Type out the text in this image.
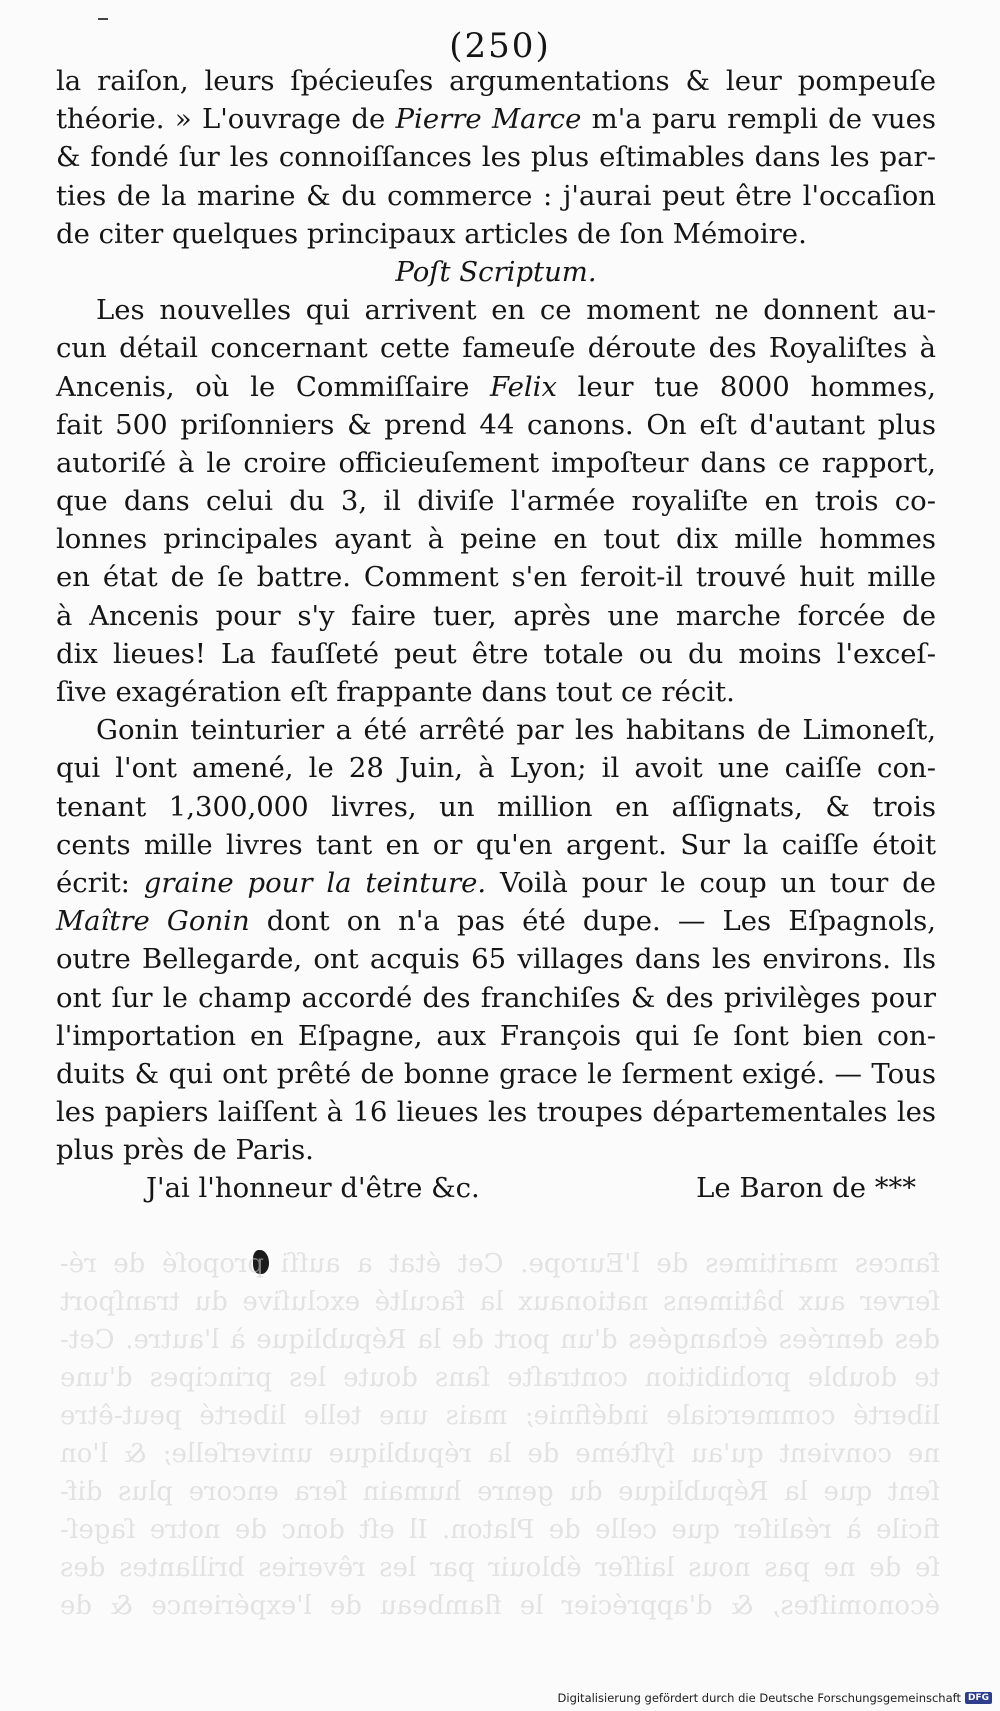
(250)
la raiſon, leurs ſpécieuſes argumentations & leur pompeuſe
théorie. » L'ouvrage de Pierre Marce m'a paru rempli de vues
& fondé ſur les connoiſſances les plus eſtimables dans les par-
ties de la marine & du commerce : j'aurai peut être l'occaſion
de citer quelques principaux articles de ſon Mémoire.
Poſt Scriptum.
Les nouvelles qui arrivent en ce moment ne donnent au-
cun détail concernant cette fameuſe déroute des Royaliſtes à
Ancenis, où le Commiſſaire Felix leur tue 8000 hommes,
fait 500 priſonniers & prend 44 canons. On eſt d'autant plus
autoriſé à le croire officieuſement impoſteur dans ce rapport,
que dans celui du 3, il diviſe l'armée royaliſte en trois co-
lonnes principales ayant à peine en tout dix mille hommes
en état de ſe battre. Comment s'en feroit-il trouvé huit mille
à Ancenis pour s'y faire tuer, après une marche forcée de
dix lieues! La fauſſeté peut être totale ou du moins l'exceſ-
ſive exagération eſt frappante dans tout ce récit.
Gonin teinturier a été arrêté par les habitans de Limoneſt,
qui l'ont amené, le 28 Juin, à Lyon; il avoit une caiſſe con-
tenant 1,300,000 livres, un million en aſſignats, & trois
cents mille livres tant en or qu'en argent. Sur la caiſſe étoit
écrit: graine pour la teinture. Voilà pour le coup un tour de
Maître Gonin dont on n'a pas été dupe. — Les Eſpagnols,
outre Bellegarde, ont acquis 65 villages dans les environs. Ils
ont ſur le champ accordé des franchiſes & des privilèges pour
l'importation en Eſpagne, aux François qui ſe ſont bien con-
duits & qui ont prêté de bonne grace le ſerment exigé. — Tous
les papiers laiſſent à 16 lieues les troupes départementales les
plus près de Paris.
J'ai l'honneur d'être &c.	Le Baron de ***
fances maritimes de l'Europe. Cet état a auſſi propoſé de ré-
ſerver aux bâtimens nationaux la faculté excluſive du tranſport
des denrées échangées d'un port de la République à l'autre. Cet-
te double prohibition contraſte ſans doute les principes d'une
liberté commerciale indéfinie; mais une telle liberté peut-être
ne convient qu'au ſyſtème de la république univerſelle; & l'on
ſent que la République du genre humain ſera encore plus dif-
ficile à réaliſer que celle de Platon. Il eſt donc de notre ſageſ-
ſe de ne pas nous laiſſer éblouir par les rêveries brillantes des
économiſtes, & d'apprécier le flambeau de l'expérience & de
Digitalisierung gefördert durch die Deutsche Forschungsgemeinschaft DFG
